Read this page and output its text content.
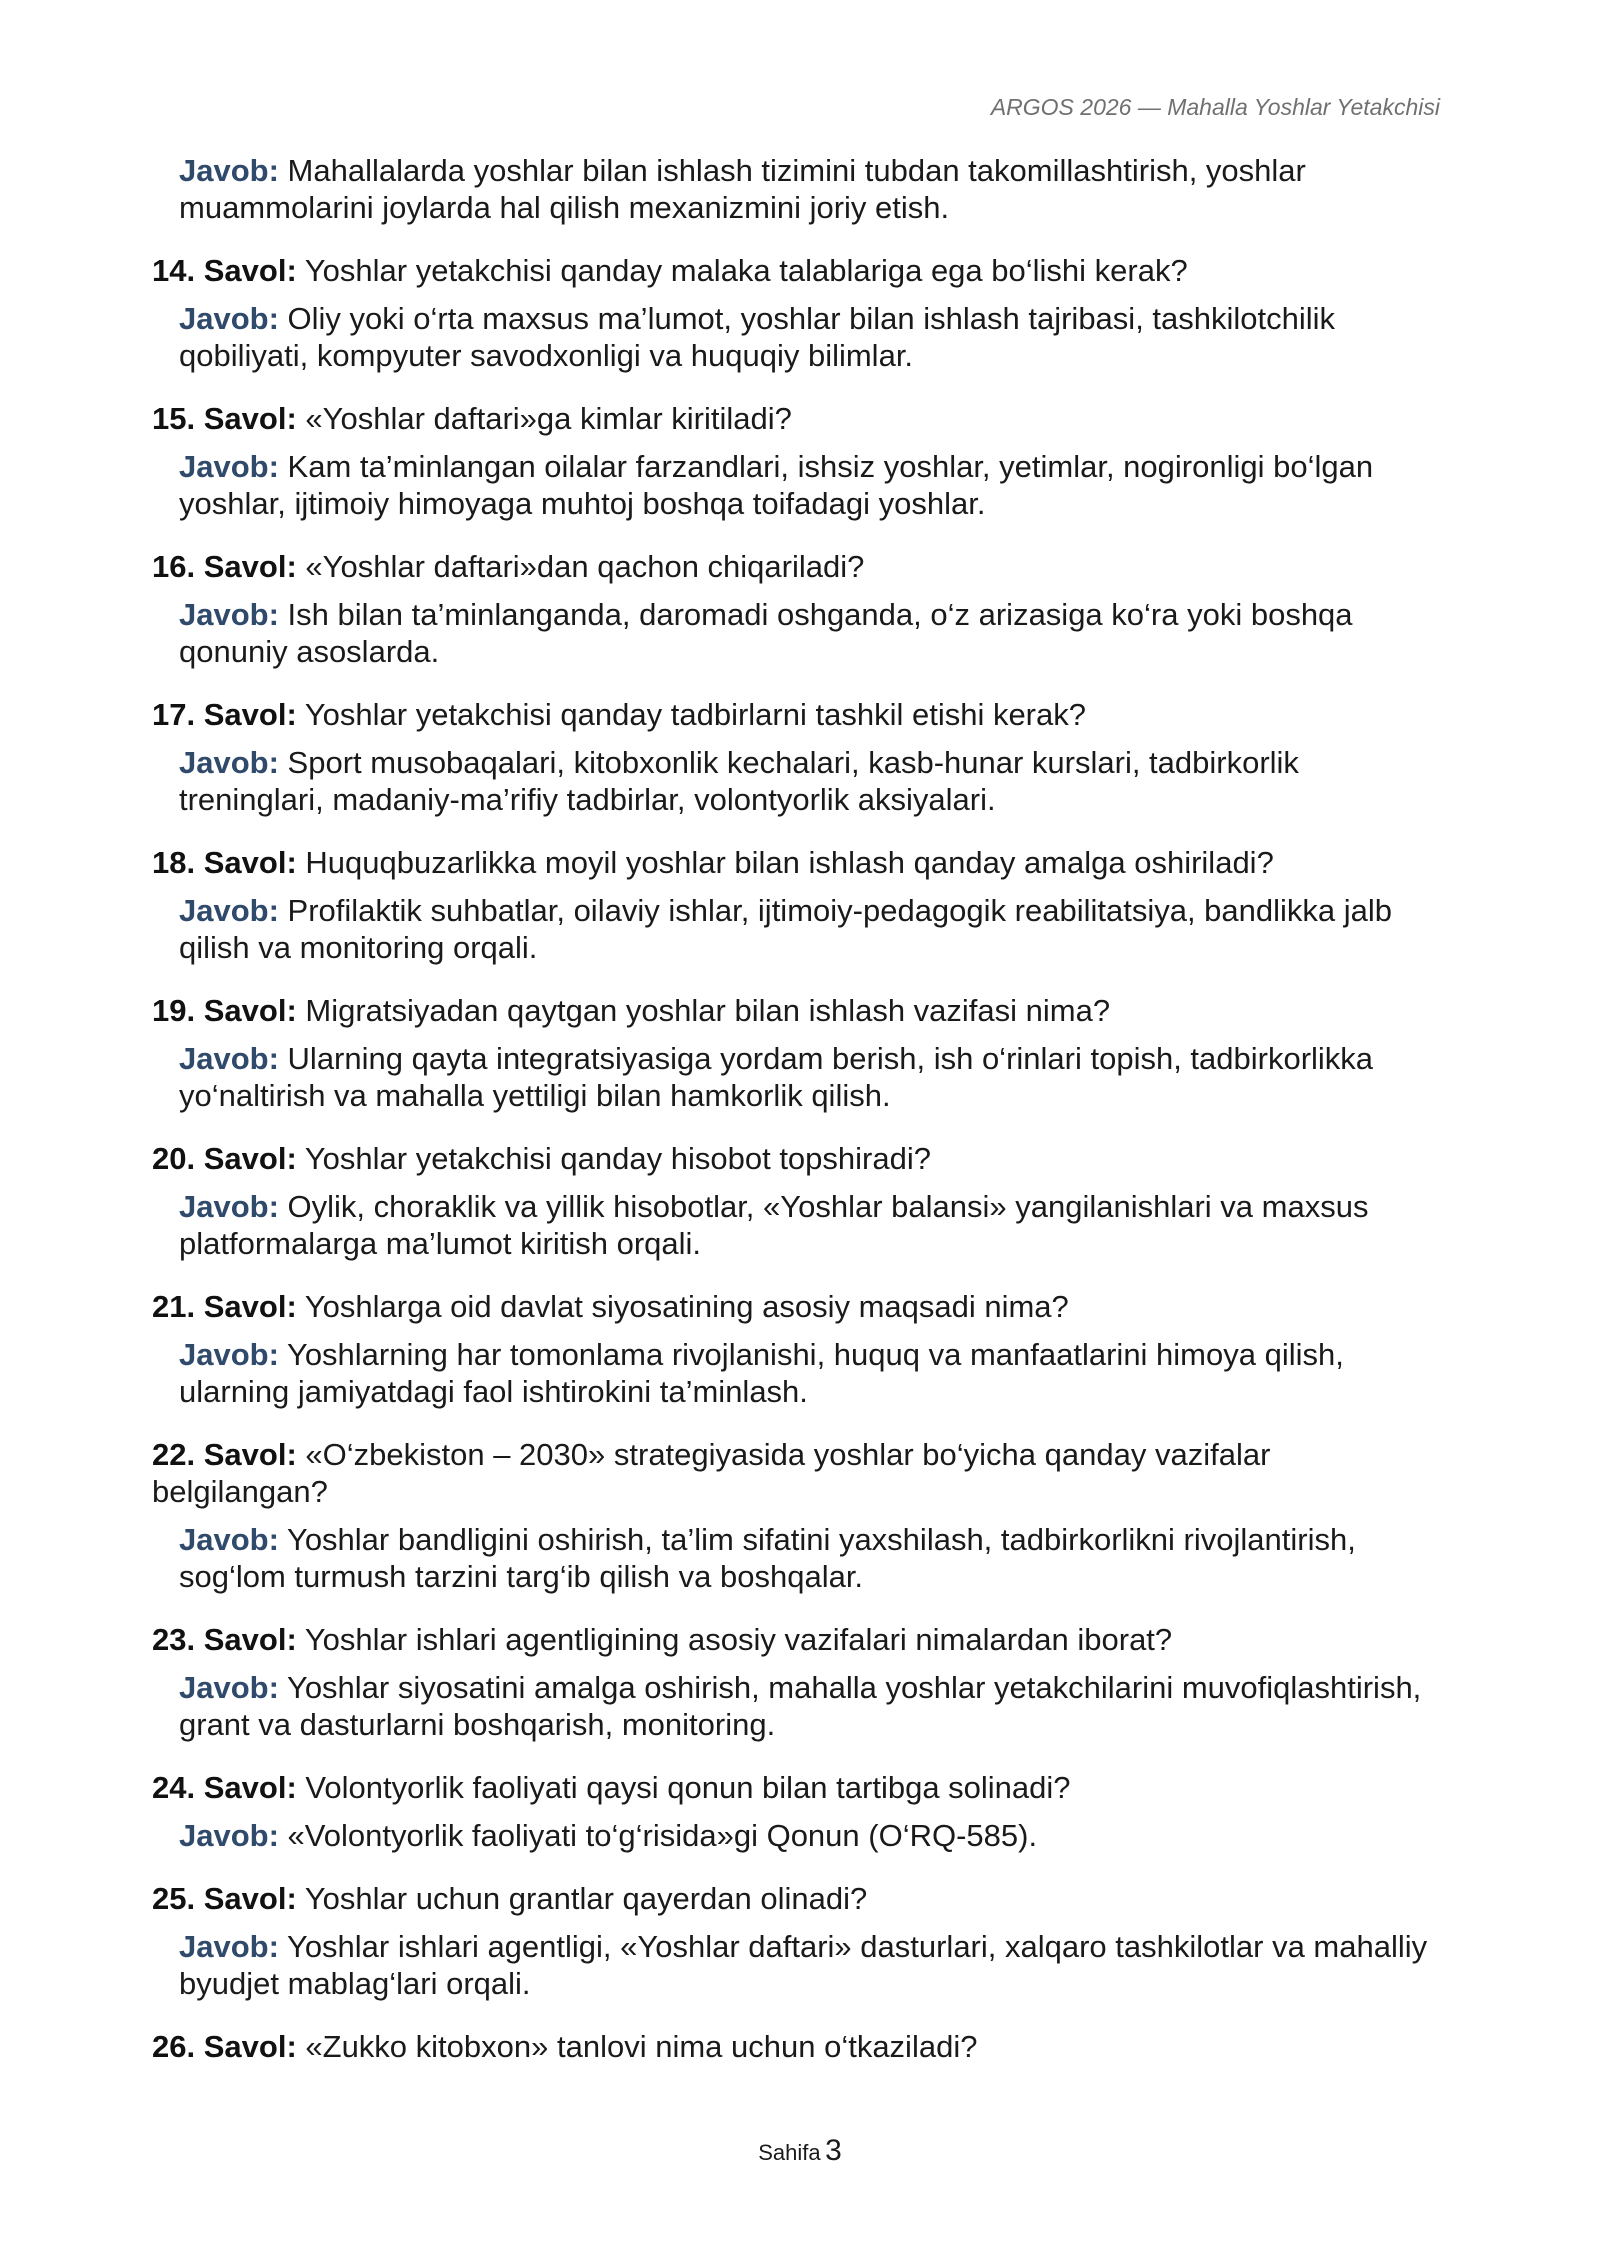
ARGOS 2026 — Mahalla Yoshlar Yetakchisi
Javob: Mahallalarda yoshlar bilan ishlash tizimini tubdan takomillashtirish, yoshlar muammolarini joylarda hal qilish mexanizmini joriy etish.
14. Savol: Yoshlar yetakchisi qanday malaka talablariga ega bo‘lishi kerak?
Javob: Oliy yoki o‘rta maxsus ma’lumot, yoshlar bilan ishlash tajribasi, tashkilotchilik qobiliyati, kompyuter savodxonligi va huquqiy bilimlar.
15. Savol: «Yoshlar daftari»ga kimlar kiritiladi?
Javob: Kam ta’minlangan oilalar farzandlari, ishsiz yoshlar, yetimlar, nogironligi bo‘lgan yoshlar, ijtimoiy himoyaga muhtoj boshqa toifadagi yoshlar.
16. Savol: «Yoshlar daftari»dan qachon chiqariladi?
Javob: Ish bilan ta’minlanganda, daromadi oshganda, o‘z arizasiga ko‘ra yoki boshqa qonuniy asoslarda.
17. Savol: Yoshlar yetakchisi qanday tadbirlarni tashkil etishi kerak?
Javob: Sport musobaqalari, kitobxonlik kechalari, kasb-hunar kurslari, tadbirkorlik treninglari, madaniy-ma’rifiy tadbirlar, volontyorlik aksiyalari.
18. Savol: Huquqbuzarlikka moyil yoshlar bilan ishlash qanday amalga oshiriladi?
Javob: Profilaktik suhbatlar, oilaviy ishlar, ijtimoiy-pedagogik reabilitatsiya, bandlikka jalb qilish va monitoring orqali.
19. Savol: Migratsiyadan qaytgan yoshlar bilan ishlash vazifasi nima?
Javob: Ularning qayta integratsiyasiga yordam berish, ish o‘rinlari topish, tadbirkorlikka yo‘naltirish va mahalla yettiligi bilan hamkorlik qilish.
20. Savol: Yoshlar yetakchisi qanday hisobot topshiradi?
Javob: Oylik, choraklik va yillik hisobotlar, «Yoshlar balansi» yangilanishlari va maxsus platformalarga ma’lumot kiritish orqali.
21. Savol: Yoshlarga oid davlat siyosatining asosiy maqsadi nima?
Javob: Yoshlarning har tomonlama rivojlanishi, huquq va manfaatlarini himoya qilish, ularning jamiyatdagi faol ishtirokini ta’minlash.
22. Savol: «O‘zbekiston – 2030» strategiyasida yoshlar bo‘yicha qanday vazifalar belgilangan?
Javob: Yoshlar bandligini oshirish, ta’lim sifatini yaxshilash, tadbirkorlikni rivojlantirish, sog‘lom turmush tarzini targ‘ib qilish va boshqalar.
23. Savol: Yoshlar ishlari agentligining asosiy vazifalari nimalardan iborat?
Javob: Yoshlar siyosatini amalga oshirish, mahalla yoshlar yetakchilarini muvofiqlashtirish, grant va dasturlarni boshqarish, monitoring.
24. Savol: Volontyorlik faoliyati qaysi qonun bilan tartibga solinadi?
Javob: «Volontyorlik faoliyati to‘g‘risida»gi Qonun (O‘RQ-585).
25. Savol: Yoshlar uchun grantlar qayerdan olinadi?
Javob: Yoshlar ishlari agentligi, «Yoshlar daftari» dasturlari, xalqaro tashkilotlar va mahalliy byudjet mablag‘lari orqali.
26. Savol: «Zukko kitobxon» tanlovi nima uchun o‘tkaziladi?
Sahifa 3
